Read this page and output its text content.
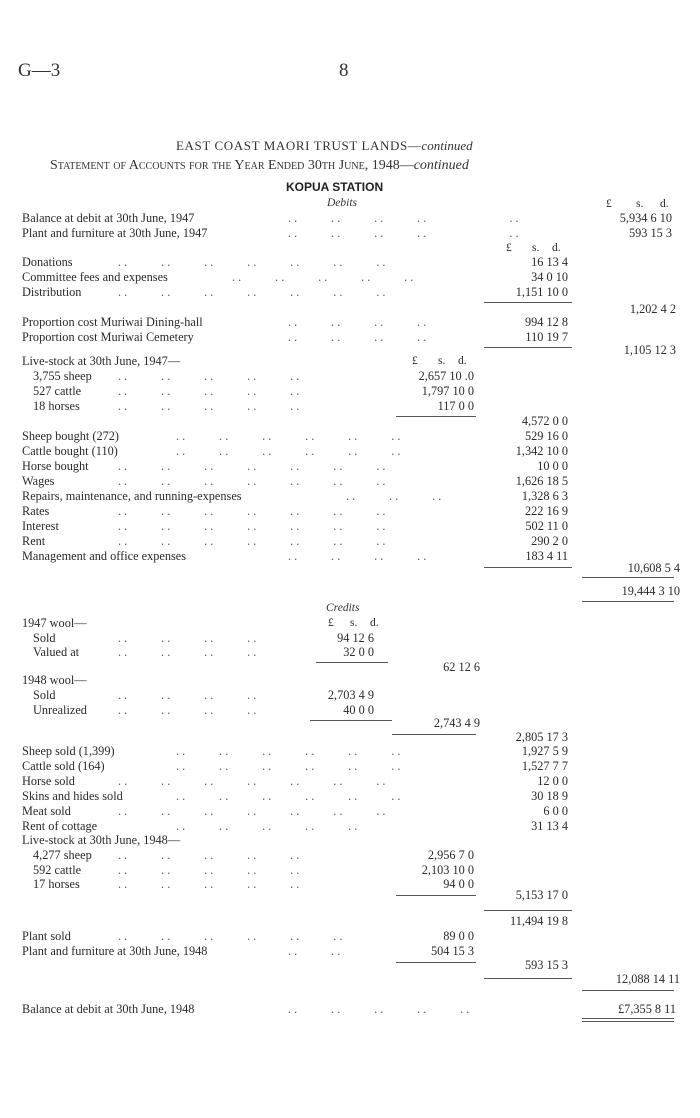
G—3	8
EAST COAST MAORI TRUST LANDS—continued
Statement of Accounts for the Year Ended 30th June, 1948—continued
KOPUA STATION
Debits	£ s. d.
Balance at debit at 30th June, 1947	. .           . .           . .           . .                           . .	5,934 6 10
Plant and furniture at 30th June, 1947	. .           . .           . .           . .                           . .	593 15 3
£ s. d.
Donations	. .           . .           . .           . .           . .           . .           . .	16 13 4
Committee fees and expenses	. .           . .           . .           . .           . .	34 0 10
Distribution	. .           . .           . .           . .           . .           . .           . .	1,151 10 0
1,202 4 2
Proportion cost Muriwai Dining-hall	. .           . .           . .           . .	994 12 8
Proportion cost Muriwai Cemetery	. .           . .           . .           . .	110 19 7
1,105 12 3
Live-stock at 30th June, 1947—	£ s. d.
3,755 sheep . .           . .           . .           . .           . .	2,657 10 .0
527 cattle	. .           . .           . .           . .           . .	1,797 10 0
18 horses	. .           . .           . .           . .           . .	117 0 0
4,572 0 0
Sheep bought (272)	. .           . .           . .           . .           . .           . .	529 16 0
Cattle bought (110)	. .           . .           . .           . .           . .           . .	1,342 10 0
Horse bought . .           . .           . .           . .           . .           . .           . .	10 0 0
Wages	. .           . .           . .           . .           . .           . .           . .	1,626 18 5
Repairs, maintenance, and running-expenses	. .           . .           . .	1,328 6 3
Rates	. .           . .           . .           . .           . .           . .           . .	222 16 9
Interest	. .           . .           . .           . .           . .           . .           . .	502 11 0
Rent	. .           . .           . .           . .           . .           . .           . .	290 2 0
Management and office expenses	. .           . .           . .           . .	183 4 11
10,608 5 4
19,444 3 10
Credits
1947 wool—	£ s. d.
Sold	. .           . .           . .           . .	94 12 6
Valued at	. .           . .           . .           . .	32 0 0
62 12 6
1948 wool—
Sold	. .           . .           . .           . .	2,703 4 9
Unrealized	. .           . .           . .           . .	40 0 0
2,743 4 9
2,805 17 3
Sheep sold (1,399)	. .           . .           . .           . .           . .           . .	1,927 5 9
Cattle sold (164)	. .           . .           . .           . .           . .           . .	1,527 7 7
Horse sold	. .           . .           . .           . .           . .           . .           . .	12 0 0
Skins and hides sold	. .           . .           . .           . .           . .           . .	30 18 9
Meat sold	. .           . .           . .           . .           . .           . .           . .	6 0 0
Rent of cottage	. .           . .           . .           . .           . .	31 13 4
Live-stock at 30th June, 1948—
4,277 sheep . .           . .           . .           . .           . .	2,956 7 0
592 cattle	. .           . .           . .           . .           . .	2,103 10 0
17 horses	. .           . .           . .           . .           . .	94 0 0
5,153 17 0
11,494 19 8
Plant sold	. .           . .           . .           . .           . .           . .	89 0 0
Plant and furniture at 30th June, 1948	. .           . .	504 15 3
593 15 3
12,088 14 11
Balance at debit at 30th June, 1948	. .           . .           . .           . .           . .	£7,355 8 11
